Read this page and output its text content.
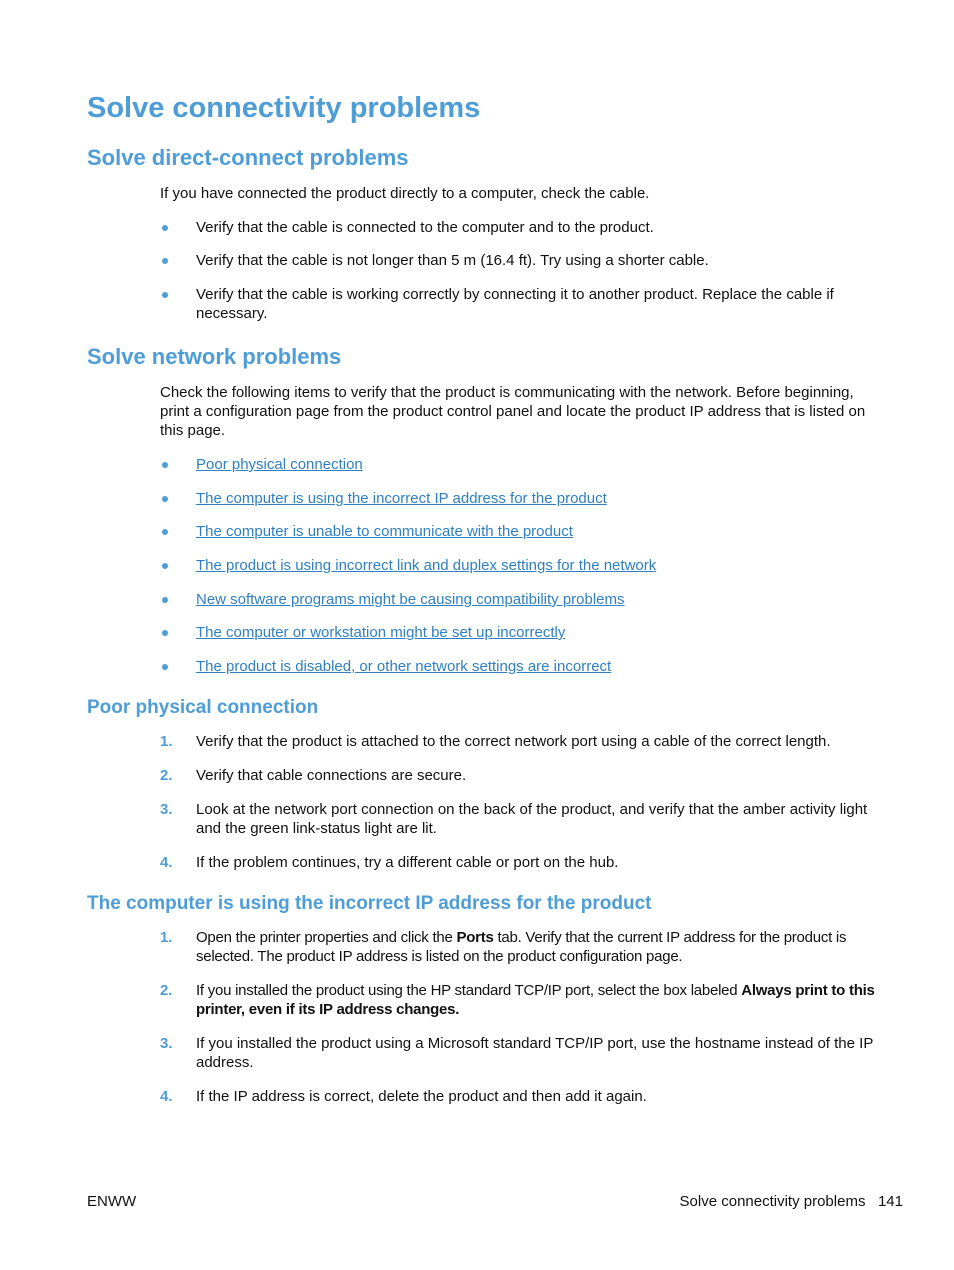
Solve connectivity problems
Solve direct-connect problems
If you have connected the product directly to a computer, check the cable.
Verify that the cable is connected to the computer and to the product.
Verify that the cable is not longer than 5 m (16.4 ft). Try using a shorter cable.
Verify that the cable is working correctly by connecting it to another product. Replace the cable if necessary.
Solve network problems
Check the following items to verify that the product is communicating with the network. Before beginning, print a configuration page from the product control panel and locate the product IP address that is listed on this page.
Poor physical connection
The computer is using the incorrect IP address for the product
The computer is unable to communicate with the product
The product is using incorrect link and duplex settings for the network
New software programs might be causing compatibility problems
The computer or workstation might be set up incorrectly
The product is disabled, or other network settings are incorrect
Poor physical connection
1. Verify that the product is attached to the correct network port using a cable of the correct length.
2. Verify that cable connections are secure.
3. Look at the network port connection on the back of the product, and verify that the amber activity light and the green link-status light are lit.
4. If the problem continues, try a different cable or port on the hub.
The computer is using the incorrect IP address for the product
1. Open the printer properties and click the Ports tab. Verify that the current IP address for the product is selected. The product IP address is listed on the product configuration page.
2. If you installed the product using the HP standard TCP/IP port, select the box labeled Always print to this printer, even if its IP address changes.
3. If you installed the product using a Microsoft standard TCP/IP port, use the hostname instead of the IP address.
4. If the IP address is correct, delete the product and then add it again.
ENWW	Solve connectivity problems 141
